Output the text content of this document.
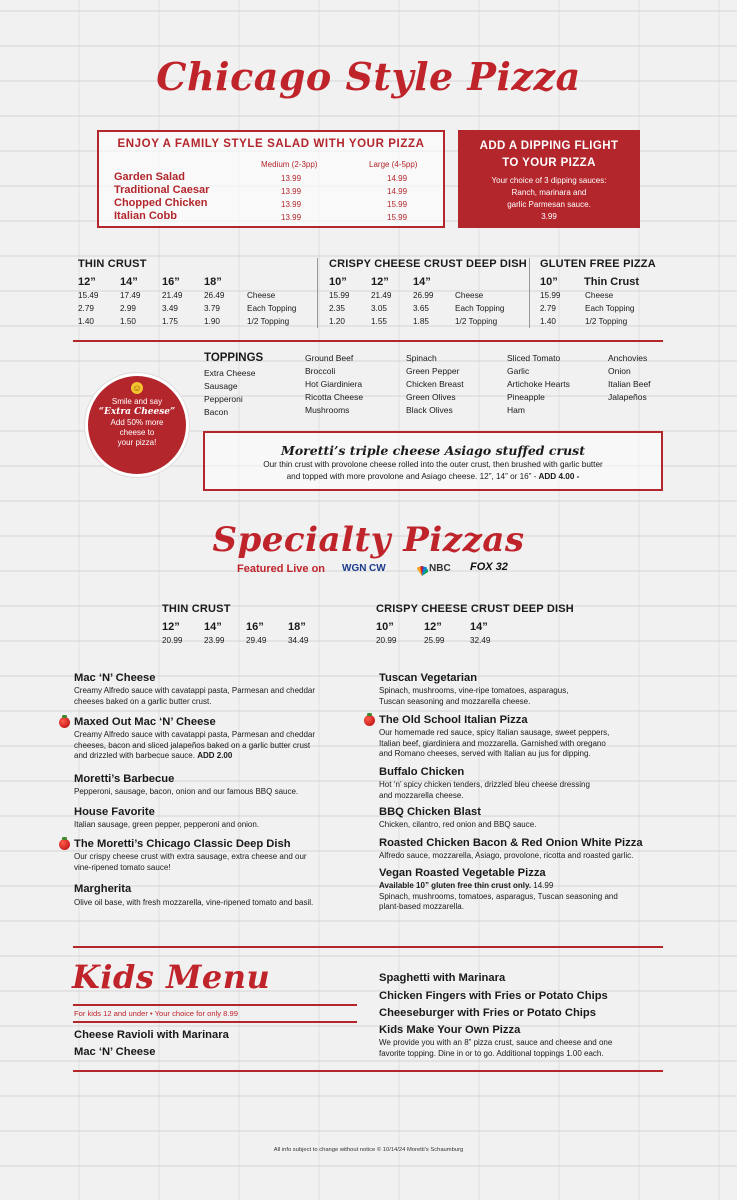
Chicago Style Pizza
ENJOY A FAMILY STYLE SALAD WITH YOUR PIZZA
Medium (2-3pp)	Large (4-5pp)
Garden Salad	13.99	14.99
Traditional Caesar	13.99	14.99
Chopped Chicken	13.99	15.99
Italian Cobb	13.99	15.99
ADD A DIPPING FLIGHT
TO YOUR PIZZA
Your choice of 3 dipping sauces:
Ranch, marinara and
garlic Parmesan sauce.
3.99
THIN CRUST
12” 14” 16” 18”
15.49	17.49	21.49	26.49	Cheese
2.79	2.99	3.49	3.79	Each Topping
1.40	1.50	1.75	1.90	1/2 Topping
CRISPY CHEESE CRUST DEEP DISH
10” 12” 14”
15.99	21.49	26.99	Cheese
2.35	3.05	3.65	Each Topping
1.20	1.55	1.85	1/2 Topping
GLUTEN FREE PIZZA
10” Thin Crust
15.99	Cheese
2.79	Each Topping
1.40	1/2 Topping
TOPPINGS
Extra Cheese
Sausage
Pepperoni
Bacon
Ground Beef
Broccoli
Hot Giardiniera
Ricotta Cheese
Mushrooms
Spinach
Green Pepper
Chicken Breast
Green Olives
Black Olives
Sliced Tomato
Garlic
Artichoke Hearts
Pineapple
Ham
Anchovies
Onion
Italian Beef
Jalapeños
☺
Smile and say
“Extra Cheese”
Add 50% more
cheese to
your pizza!
Moretti’s triple cheese Asiago stuffed crust
Our thin crust with provolone cheese rolled into the outer crust, then brushed with garlic butter
and topped with more provolone and Asiago cheese. 12”, 14” or 16” - ADD 4.00 -
Specialty Pizzas
Featured Live on WGN CW	NBC FOX 32
THIN CRUST
12” 14” 16” 18”
20.99	23.99	29.49	34.49
CRISPY CHEESE CRUST DEEP DISH
10”	12”	14”
20.99	25.99	32.49
Mac ‘N’ Cheese
Creamy Alfredo sauce with cavatappi pasta, Parmesan and cheddar
cheeses baked on a garlic butter crust.
Maxed Out Mac ‘N’ Cheese
Creamy Alfredo sauce with cavatappi pasta, Parmesan and cheddar
cheeses, bacon and sliced jalapeños baked on a garlic butter crust
and drizzled with barbecue sauce. ADD 2.00
Moretti’s Barbecue
Pepperoni, sausage, bacon, onion and our famous BBQ sauce.
House Favorite
Italian sausage, green pepper, pepperoni and onion.
The Moretti’s Chicago Classic Deep Dish
Our crispy cheese crust with extra sausage, extra cheese and our
vine-ripened tomato sauce!
Margherita
Olive oil base, with fresh mozzarella, vine-ripened tomato and basil.
Tuscan Vegetarian
Spinach, mushrooms, vine-ripe tomatoes, asparagus,
Tuscan seasoning and mozzarella cheese.
The Old School Italian Pizza
Our homemade red sauce, spicy Italian sausage, sweet peppers,
Italian beef, giardiniera and mozzarella. Garnished with oregano
and Romano cheeses, served with Italian au jus for dipping.
Buffalo Chicken
Hot ‘n’ spicy chicken tenders, drizzled bleu cheese dressing
and mozzarella cheese.
BBQ Chicken Blast
Chicken, cilantro, red onion and BBQ sauce.
Roasted Chicken Bacon & Red Onion White Pizza
Alfredo sauce, mozzarella, Asiago, provolone, ricotta and roasted garlic.
Vegan Roasted Vegetable Pizza
Available 10” gluten free thin crust only. 14.99
Spinach, mushrooms, tomatoes, asparagus, Tuscan seasoning and
plant-based mozzarella.
Kids Menu
For kids 12 and under • Your choice for only 8.99
Cheese Ravioli with Marinara
Mac ‘N’ Cheese
Spaghetti with Marinara
Chicken Fingers with Fries or Potato Chips
Cheeseburger with Fries or Potato Chips
Kids Make Your Own Pizza
We provide you with an 8” pizza crust, sauce and cheese and one
favorite topping. Dine in or to go. Additional toppings 1.00 each.
All info subject to change without notice © 10/14/24 Moretti’s Schaumburg
